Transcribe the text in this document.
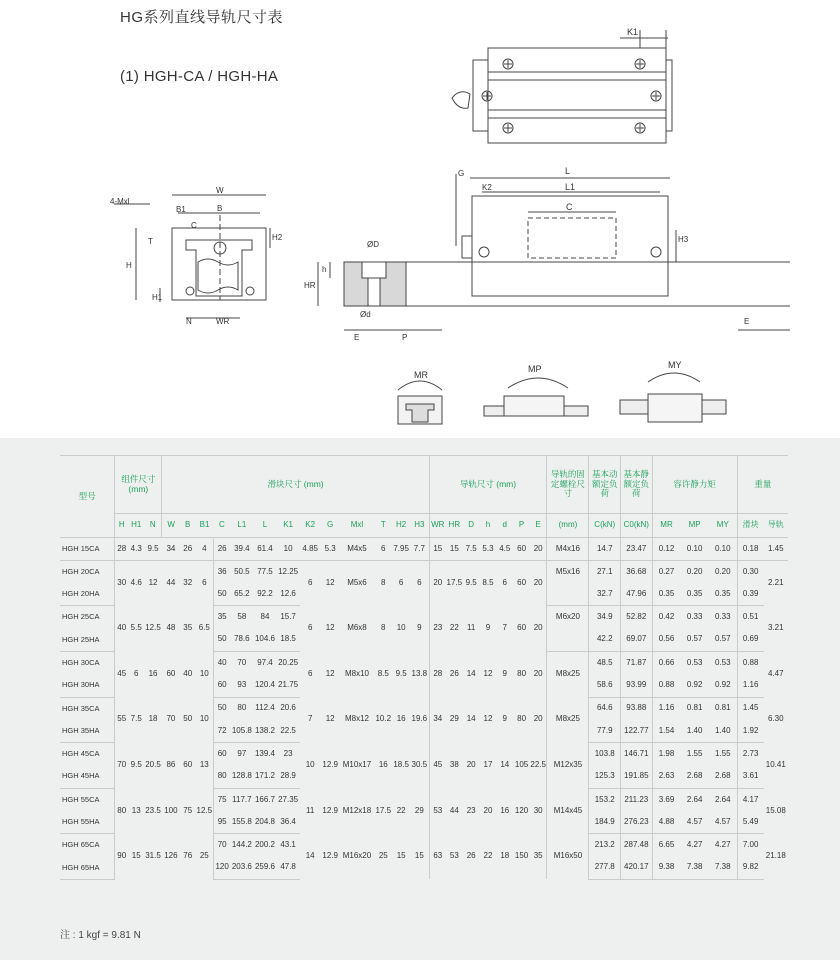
HG系列直线导轨尺寸表
(1) HGH-CA / HGH-HA
K1
4-Mxl
W
B1	B
C
T
H
H2
H1
N	WR
ØD
h
HR
Ød
E	P
G	L
K2	L1
C
H3
E
MR
MP	MY
型号	组件尺寸 (mm)			滑块尺寸 (mm)													导轨尺寸 (mm)							导轨的固定螺栓尺寸	基本动额定负荷	基本静额定负荷	容许静力矩			重量	
	H	H1	N	W	B	B1	C	L1	L	K1	K2	G	Mxl	T	H2	H3	WR	HR	D	h	d	P	E	(mm)	C(kN)	C0(kN)	MR	MP	MY	滑块	导轨
HGH 15CA	28	4.3	9.5	34	26	4	26	39.4	61.4	10	4.85	5.3	M4x5	6	7.95	7.7	15	15	7.5	5.3	4.5	60	20	M4x16	14.7	23.47	0.12	0.10	0.10	0.18	1.45
HGH 20CA	30	4.6	12	44	32	6	36	50.5	77.5	12.25	6	12	M5x6	8	6	6	20	17.5	9.5	8.5	6	60	20	M5x16	27.1	36.68	0.27	0.20	0.20	0.30	2.21
HGH 20HA							50	65.2	92.2	12.6															32.7	47.96	0.35	0.35	0.35	0.39	
HGH 25CA	40	5.5	12.5	48	35	6.5	35	58	84	15.7	6	12	M6x8	8	10	9	23	22	11	9	7	60	20	M6x20	34.9	52.82	0.42	0.33	0.33	0.51	3.21
HGH 25HA							50	78.6	104.6	18.5															42.2	69.07	0.56	0.57	0.57	0.69	
HGH 30CA	45	6	16	60	40	10	40	70	97.4	20.25	6	12	M8x10	8.5	9.5	13.8	28	26	14	12	9	80	20	M8x25	48.5	71.87	0.66	0.53	0.53	0.88	4.47
HGH 30HA							60	93	120.4	21.75															58.6	93.99	0.88	0.92	0.92	1.16	
HGH 35CA	55	7.5	18	70	50	10	50	80	112.4	20.6	7	12	M8x12	10.2	16	19.6	34	29	14	12	9	80	20	M8x25	64.6	93.88	1.16	0.81	0.81	1.45	6.30
HGH 35HA							72	105.8	138.2	22.5															77.9	122.77	1.54	1.40	1.40	1.92	
HGH 45CA	70	9.5	20.5	86	60	13	60	97	139.4	23	10	12.9	M10x17	16	18.5	30.5	45	38	20	17	14	105	22.5	M12x35	103.8	146.71	1.98	1.55	1.55	2.73	10.41
HGH 45HA							80	128.8	171.2	28.9															125.3	191.85	2.63	2.68	2.68	3.61	
HGH 55CA	80	13	23.5	100	75	12.5	75	117.7	166.7	27.35	11	12.9	M12x18	17.5	22	29	53	44	23	20	16	120	30	M14x45	153.2	211.23	3.69	2.64	2.64	4.17	15.08
HGH 55HA							95	155.8	204.8	36.4															184.9	276.23	4.88	4.57	4.57	5.49	
HGH 65CA	90	15	31.5	126	76	25	70	144.2	200.2	43.1	14	12.9	M16x20	25	15	15	63	53	26	22	18	150	35	M16x50	213.2	287.48	6.65	4.27	4.27	7.00	21.18
HGH 65HA							120	203.6	259.6	47.8															277.8	420.17	9.38	7.38	7.38	9.82	
注 : 1 kgf = 9.81 N
